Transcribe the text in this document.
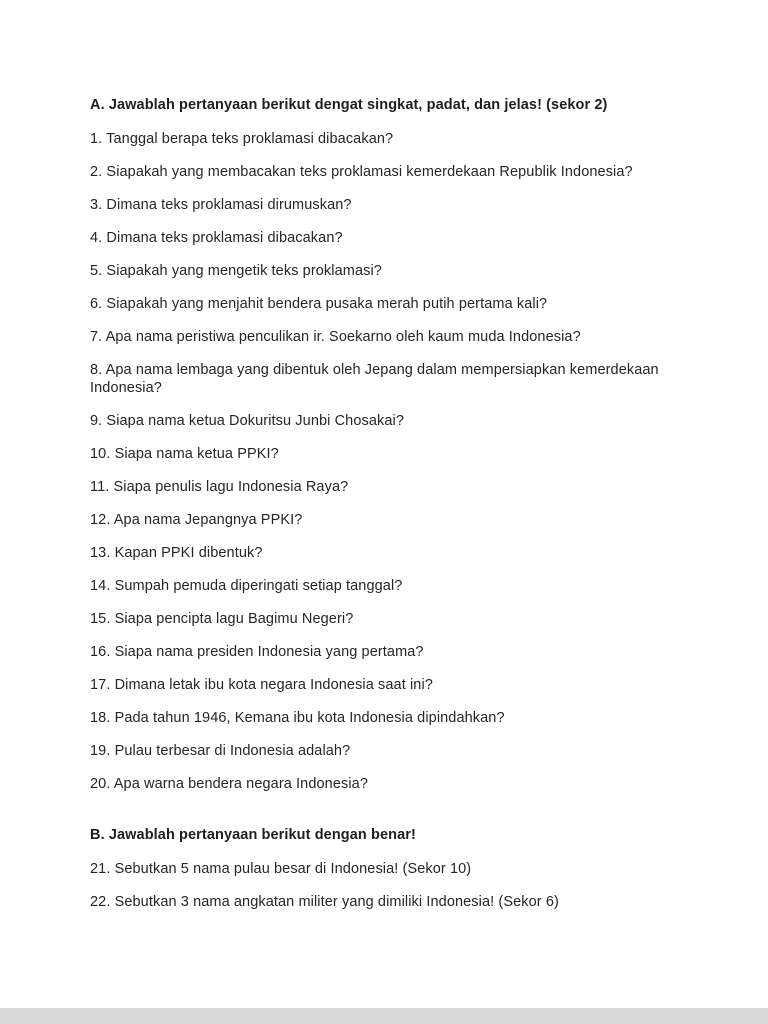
A. Jawablah pertanyaan berikut dengat singkat, padat, dan jelas! (sekor 2)

1. Tanggal berapa teks proklamasi dibacakan?

2. Siapakah yang membacakan teks proklamasi kemerdekaan Republik Indonesia?

3. Dimana teks proklamasi dirumuskan?

4. Dimana teks proklamasi dibacakan?

5. Siapakah yang mengetik teks proklamasi?

6. Siapakah yang menjahit bendera pusaka merah putih pertama kali?

7. Apa nama peristiwa penculikan ir. Soekarno oleh kaum muda Indonesia?

8. Apa nama lembaga yang dibentuk oleh Jepang dalam mempersiapkan kemerdekaan Indonesia?

9. Siapa nama ketua Dokuritsu Junbi Chosakai?

10. Siapa nama ketua PPKI?

11. Siapa penulis lagu Indonesia Raya?

12. Apa nama Jepangnya PPKI?

13. Kapan PPKI dibentuk?

14. Sumpah pemuda diperingati setiap tanggal?

15. Siapa pencipta lagu Bagimu Negeri?

16. Siapa nama presiden Indonesia yang pertama?

17. Dimana letak ibu kota negara Indonesia saat ini?

18. Pada tahun 1946, Kemana ibu kota Indonesia dipindahkan?

19. Pulau terbesar di Indonesia adalah?

20. Apa warna bendera negara Indonesia?

B. Jawablah pertanyaan berikut dengan benar!

21. Sebutkan 5 nama pulau besar di Indonesia! (Sekor 10)

22. Sebutkan 3 nama angkatan militer yang dimiliki Indonesia! (Sekor 6)
